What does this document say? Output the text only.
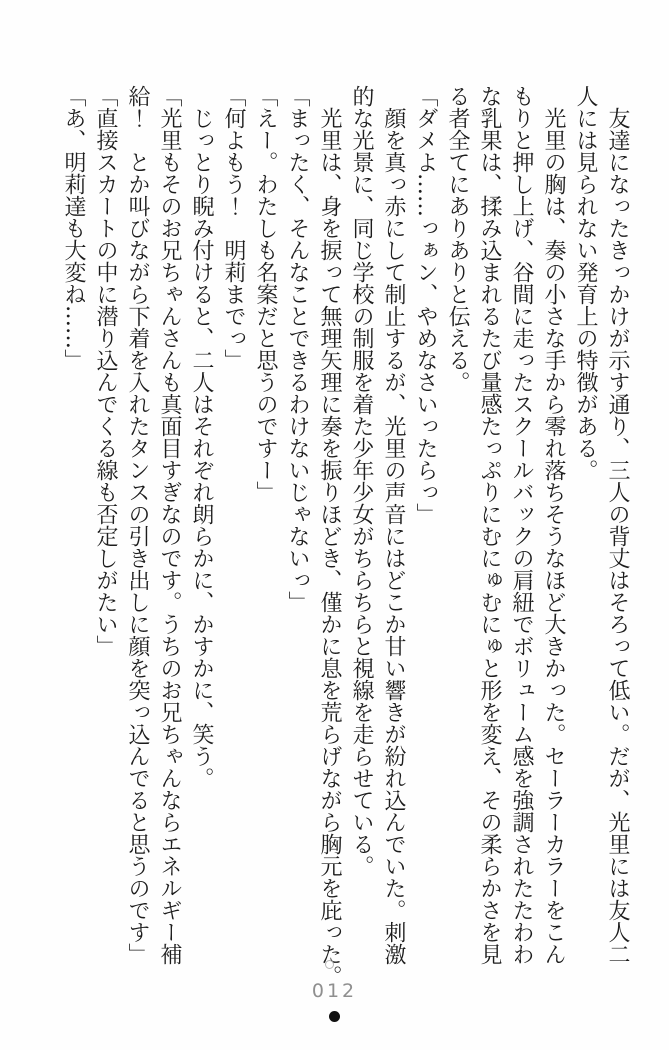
　友達になったきっかけが示す通り、三人の背丈はそろって低い。だが、光里には友人二
人には見られない発育上の特徴がある。
　光里の胸は、奏の小さな手から零れ落ちそうなほど大きかった。セーラーカラーをこん
もりと押し上げ、谷間に走ったスクールバックの肩紐でボリューム感を強調されたたわわ
な乳果は、揉み込まれるたび量感たっぷりにむにゅむにゅと形を変え、その柔らかさを見
る者全てにありありと伝える。
「ダメよ……っぁン、やめなさいったらっ」
　顔を真っ赤にして制止するが、光里の声音にはどこか甘い響きが紛れ込んでいた。刺激
的な光景に、同じ学校の制服を着た少年少女がちらちらと視線を走らせている。
　光里は、身を捩って無理矢理に奏を振りほどき、僅かに息を荒らげながら胸元を庇った。
「まったく、そんなことできるわけないじゃないっ」
「えー。わたしも名案だと思うのですー」
「何よもう！　明莉までっ」
　じっとり睨み付けると、二人はそれぞれ朗らかに、かすかに、笑う。
「光里もそのお兄ちゃんさんも真面目すぎなのです。うちのお兄ちゃんならエネルギー補
給！　とか叫びながら下着を入れたタンスの引き出しに顔を突っ込んでると思うのです」
「直接スカートの中に潜り込んでくる線も否定しがたい」
「あ、明莉達も大変ね……」
012
